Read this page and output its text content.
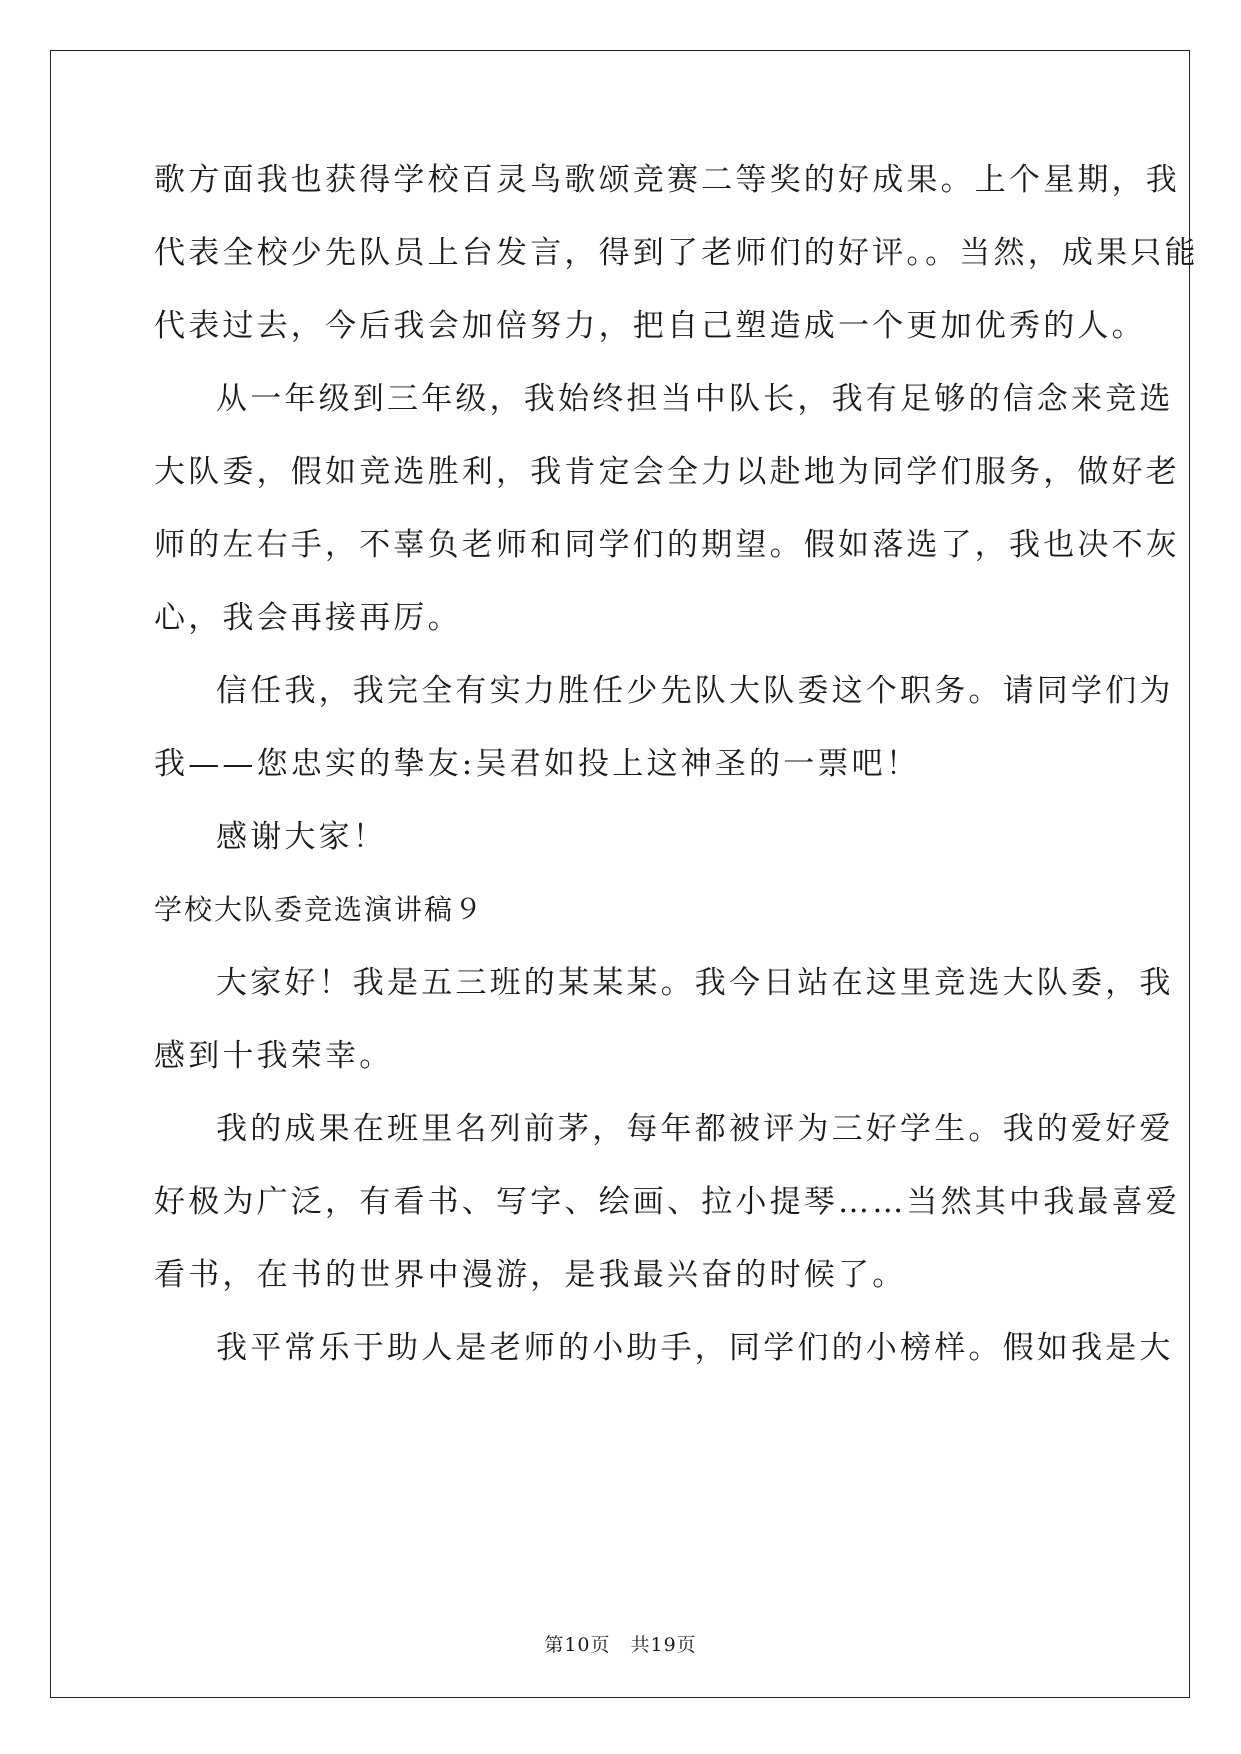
歌方面我也获得学校百灵鸟歌颂竞赛二等奖的好成果。上个星期，我
代表全校少先队员上台发言，得到了老师们的好评。。当然，成果只能
代表过去，今后我会加倍努力，把自己塑造成一个更加优秀的人。
从一年级到三年级，我始终担当中队长，我有足够的信念来竞选
大队委，假如竞选胜利，我肯定会全力以赴地为同学们服务，做好老
师的左右手，不辜负老师和同学们的期望。假如落选了，我也决不灰
心，我会再接再厉。
信任我，我完全有实力胜任少先队大队委这个职务。请同学们为
我——您忠实的挚友:吴君如投上这神圣的一票吧！
感谢大家！
学校大队委竞选演讲稿９
大家好！我是五三班的某某某。我今日站在这里竞选大队委，我
感到十我荣幸。
我的成果在班里名列前茅，每年都被评为三好学生。我的爱好爱
好极为广泛，有看书、写字、绘画、拉小提琴……当然其中我最喜爱
看书，在书的世界中漫游，是我最兴奋的时候了。
我平常乐于助人是老师的小助手，同学们的小榜样。假如我是大
第10页　共19页
